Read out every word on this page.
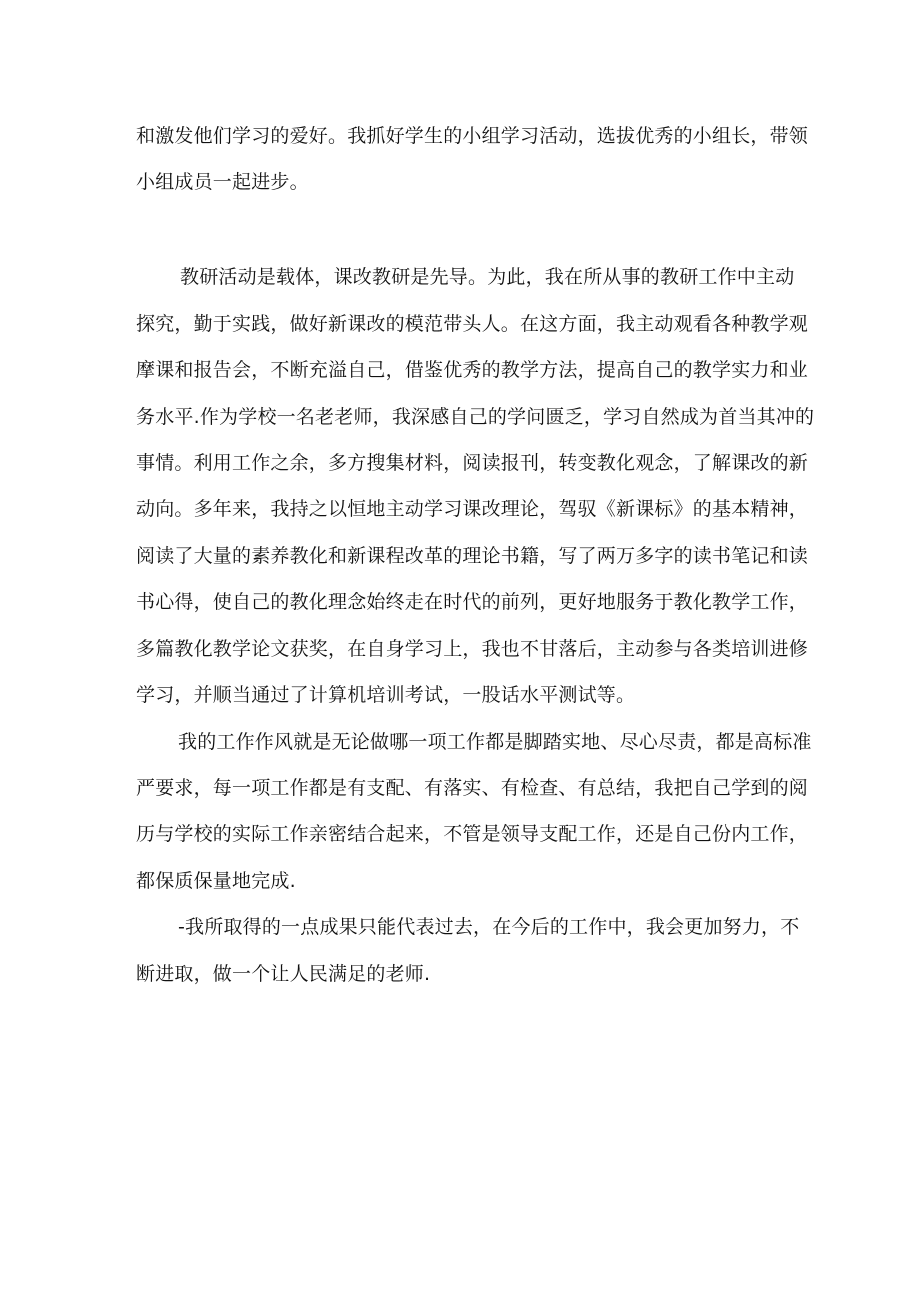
和激发他们学习的爱好。我抓好学生的小组学习活动，选拔优秀的小组长，带领
小组成员一起进步。
教研活动是载体，课改教研是先导。为此，我在所从事的教研工作中主动
探究，勤于实践，做好新课改的模范带头人。在这方面，我主动观看各种教学观
摩课和报告会，不断充溢自己，借鉴优秀的教学方法，提高自己的教学实力和业
务水平.作为学校一名老老师，我深感自己的学问匮乏，学习自然成为首当其冲的
事情。利用工作之余，多方搜集材料，阅读报刊，转变教化观念，了解课改的新
动向。多年来，我持之以恒地主动学习课改理论，驾驭《新课标》的基本精神，
阅读了大量的素养教化和新课程改革的理论书籍，写了两万多字的读书笔记和读
书心得，使自己的教化理念始终走在时代的前列，更好地服务于教化教学工作，
多篇教化教学论文获奖，在自身学习上，我也不甘落后，主动参与各类培训进修
学习，并顺当通过了计算机培训考试，一股话水平测试等。
我的工作作风就是无论做哪一项工作都是脚踏实地、尽心尽责，都是高标准
严要求，每一项工作都是有支配、有落实、有检查、有总结，我把自己学到的阅
历与学校的实际工作亲密结合起来，不管是领导支配工作，还是自己份内工作，
都保质保量地完成.
-我所取得的一点成果只能代表过去，在今后的工作中，我会更加努力，不
断进取，做一个让人民满足的老师.
